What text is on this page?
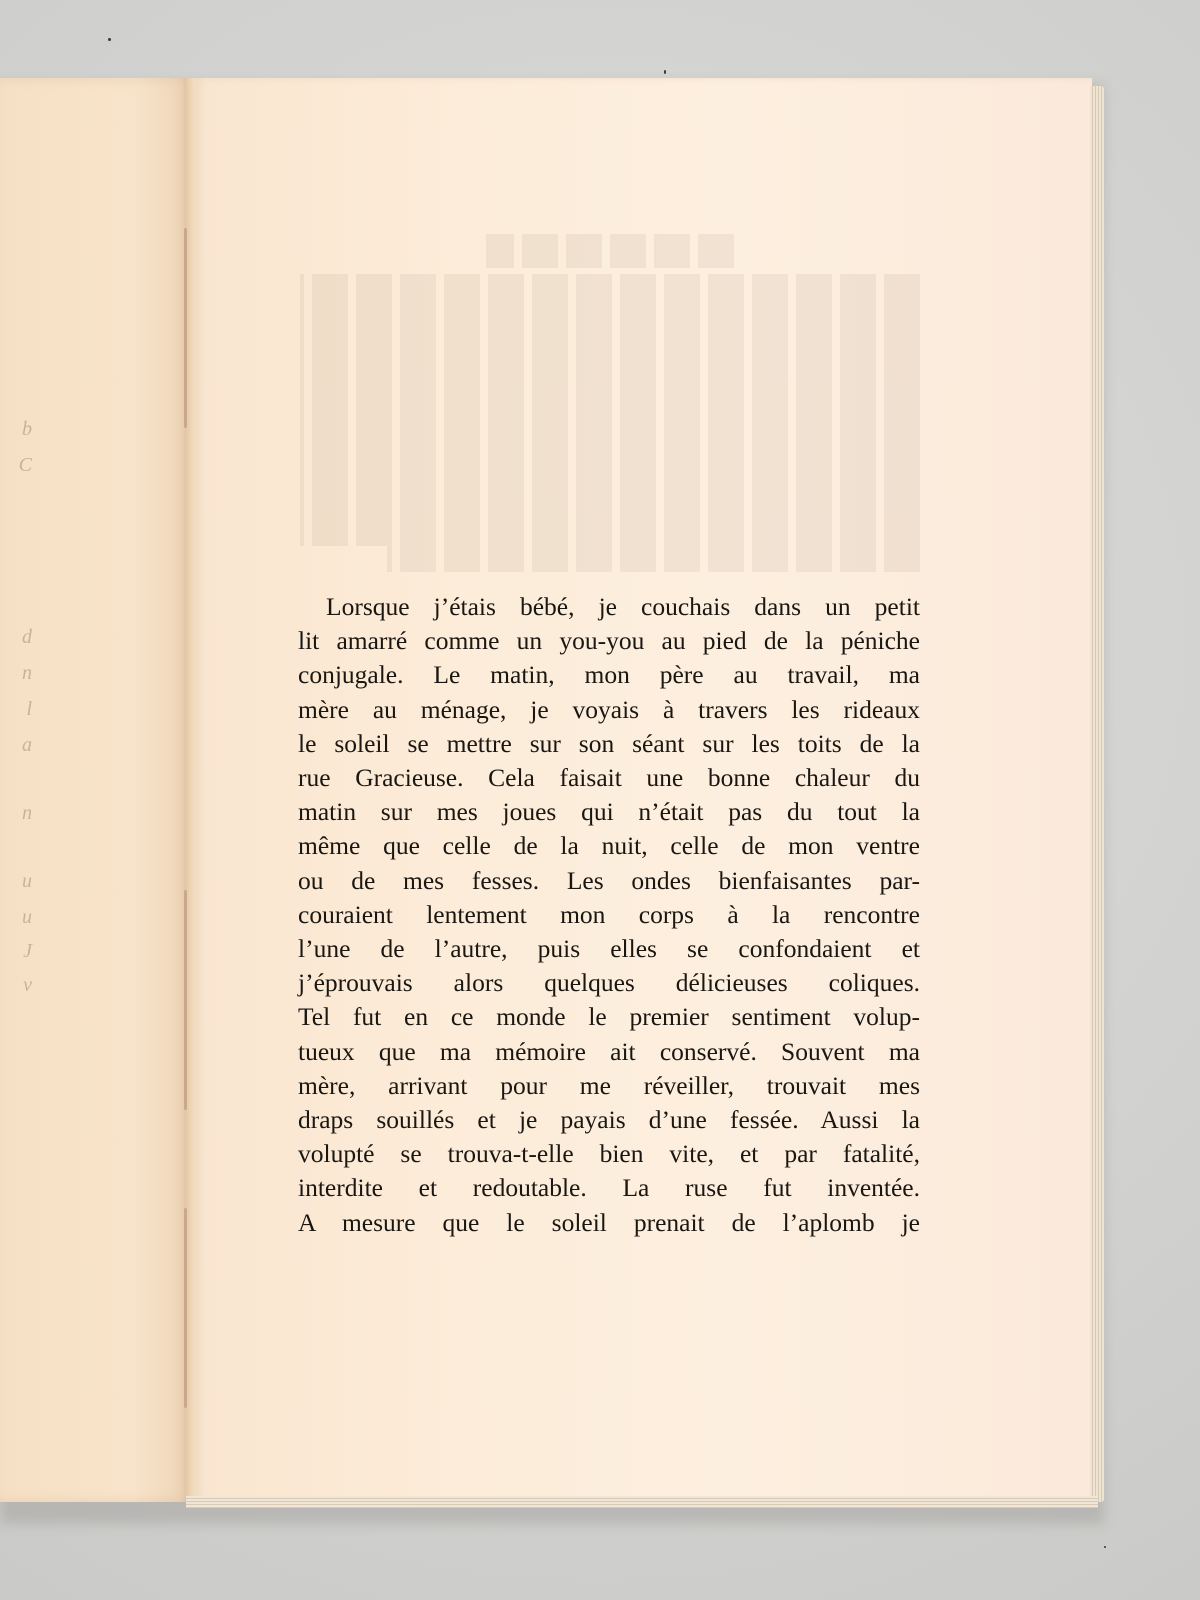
b
C
d
n
l
a
n
u
u
J
v
Lorsque j’étais bébé, je couchais dans un petit
lit amarré comme un you-you au pied de la péniche
conjugale. Le matin, mon père au travail, ma
mère au ménage, je voyais à travers les rideaux
le soleil se mettre sur son séant sur les toits de la
rue Gracieuse. Cela faisait une bonne chaleur du
matin sur mes joues qui n’était pas du tout la
même que celle de la nuit, celle de mon ventre
ou de mes fesses. Les ondes bienfaisantes par-
couraient lentement mon corps à la rencontre
l’une de l’autre, puis elles se confondaient et
j’éprouvais alors quelques délicieuses coliques.
Tel fut en ce monde le premier sentiment volup-
tueux que ma mémoire ait conservé. Souvent ma
mère, arrivant pour me réveiller, trouvait mes
draps souillés et je payais d’une fessée. Aussi la
volupté se trouva-t-elle bien vite, et par fatalité,
interdite et redoutable. La ruse fut inventée.
A mesure que le soleil prenait de l’aplomb je
